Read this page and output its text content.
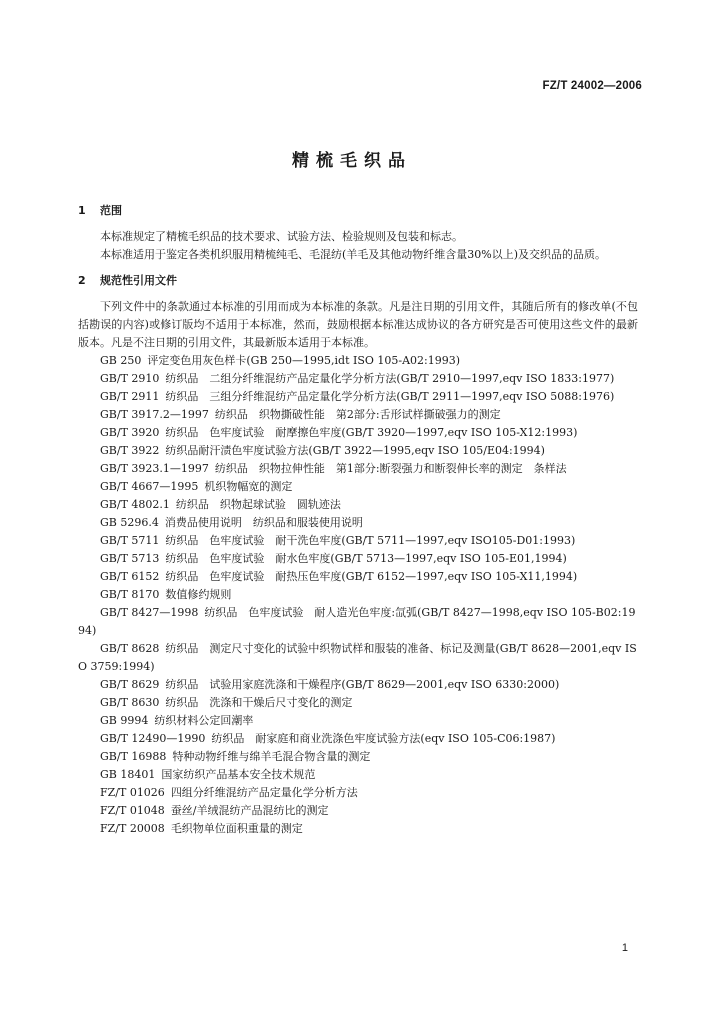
FZ/T 24002—2006
精梳毛织品

1 范围

本标准规定了精梳毛织品的技术要求、试验方法、检验规则及包装和标志。

本标准适用于鉴定各类机织服用精梳纯毛、毛混纺(羊毛及其他动物纤维含量30%以上)及交织品的品质。

2 规范性引用文件

下列文件中的条款通过本标准的引用而成为本标准的条款。凡是注日期的引用文件，其随后所有的修改单(不包括勘误的内容)或修订版均不适用于本标准，然而，鼓励根据本标准达成协议的各方研究是否可使用这些文件的最新版本。凡是不注日期的引用文件，其最新版本适用于本标准。

GB 250 评定变色用灰色样卡(GB 250—1995,idt ISO 105-A02:1993)

GB/T 2910 纺织品　二组分纤维混纺产品定量化学分析方法(GB/T 2910—1997,eqv ISO 1833:1977)

GB/T 2911 纺织品　三组分纤维混纺产品定量化学分析方法(GB/T 2911—1997,eqv ISO 5088:1976)

GB/T 3917.2—1997 纺织品　织物撕破性能　第2部分:舌形试样撕破强力的测定

GB/T 3920 纺织品　色牢度试验　耐摩擦色牢度(GB/T 3920—1997,eqv ISO 105-X12:1993)

GB/T 3922 纺织品耐汗渍色牢度试验方法(GB/T 3922—1995,eqv ISO 105/E04:1994)

GB/T 3923.1—1997 纺织品　织物拉伸性能　第1部分:断裂强力和断裂伸长率的测定　条样法

GB/T 4667—1995 机织物幅宽的测定

GB/T 4802.1 纺织品　织物起球试验　圆轨迹法

GB 5296.4 消费品使用说明　纺织品和服装使用说明

GB/T 5711 纺织品　色牢度试验　耐干洗色牢度(GB/T 5711—1997,eqv ISO105-D01:1993)

GB/T 5713 纺织品　色牢度试验　耐水色牢度(GB/T 5713—1997,eqv ISO 105-E01,1994)

GB/T 6152 纺织品　色牢度试验　耐热压色牢度(GB/T 6152—1997,eqv ISO 105-X11,1994)

GB/T 8170 数值修约规则

GB/T 8427—1998 纺织品　色牢度试验　耐人造光色牢度:氙弧(GB/T 8427—1998,eqv ISO 105-B02:1994)

GB/T 8628 纺织品　测定尺寸变化的试验中织物试样和服装的准备、标记及测量(GB/T 8628—2001,eqv ISO 3759:1994)

GB/T 8629 纺织品　试验用家庭洗涤和干燥程序(GB/T 8629—2001,eqv ISO 6330:2000)

GB/T 8630 纺织品　洗涤和干燥后尺寸变化的测定

GB 9994 纺织材料公定回潮率

GB/T 12490—1990 纺织品　耐家庭和商业洗涤色牢度试验方法(eqv ISO 105-C06:1987)

GB/T 16988 特种动物纤维与绵羊毛混合物含量的测定

GB 18401 国家纺织产品基本安全技术规范

FZ/T 01026 四组分纤维混纺产品定量化学分析方法

FZ/T 01048 蚕丝/羊绒混纺产品混纺比的测定

FZ/T 20008 毛织物单位面积重量的测定

1
